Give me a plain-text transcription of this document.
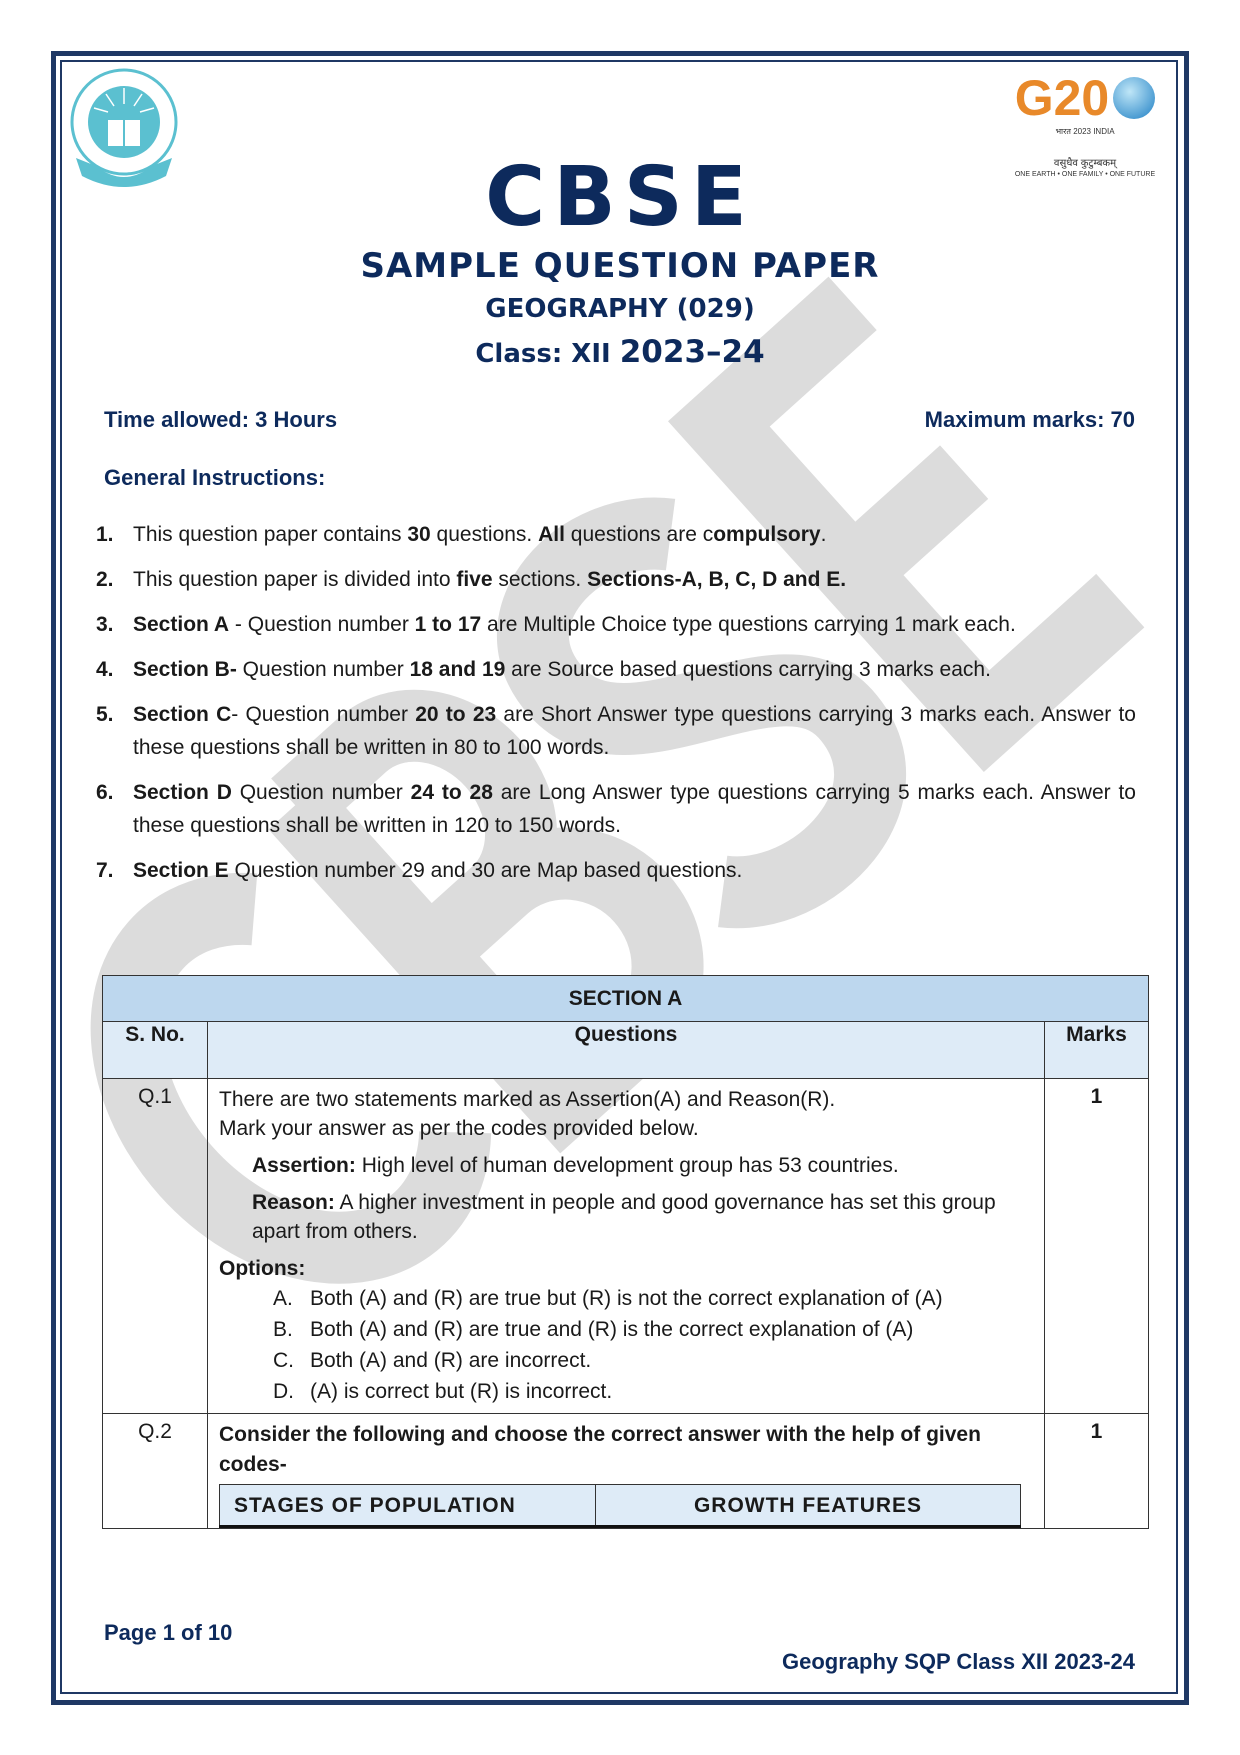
G20
भारत 2023 INDIA
वसुधैव कुटुम्बकम्
ONE EARTH • ONE FAMILY • ONE FUTURE
CBSE
SAMPLE QUESTION PAPER
GEOGRAPHY (029)
Class: XII 2023–24
Time allowed: 3 Hours	Maximum marks: 70
General Instructions:
1. This question paper contains 30 questions. All questions are compulsory.
2. This question paper is divided into five sections. Sections-A, B, C, D and E.
3. Section A - Question number 1 to 17 are Multiple Choice type questions carrying 1 mark each.
4. Section B- Question number 18 and 19 are Source based questions carrying 3 marks each.
5. Section C- Question number 20 to 23 are Short Answer type questions carrying 3 marks each. Answer to these questions shall be written in 80 to 100 words.
6. Section D Question number 24 to 28 are Long Answer type questions carrying 5 marks each. Answer to these questions shall be written in 120 to 150 words.
7. Section E Question number 29 and 30 are Map based questions.
SECTION A
S. No.	Questions	Marks
Q.1	There are two statements marked as Assertion(A) and Reason(R).

Mark your answer as per the codes provided below.

Assertion: High level of human development group has 53 countries.

Reason: A higher investment in people and good governance has set this group apart from others.

Options:

A. Both (A) and (R) are true but (R) is not the correct explanation of (A)
B. Both (A) and (R) are true and (R) is the correct explanation of (A)
C. Both (A) and (R) are incorrect.
D. (A) is correct but (R) is incorrect.
	1
Q.2	Consider the following and choose the correct answer with the help of given codes-

STAGES OF POPULATION	GROWTH FEATURES
	1
Page 1 of 10
Geography SQP Class XII 2023-24
